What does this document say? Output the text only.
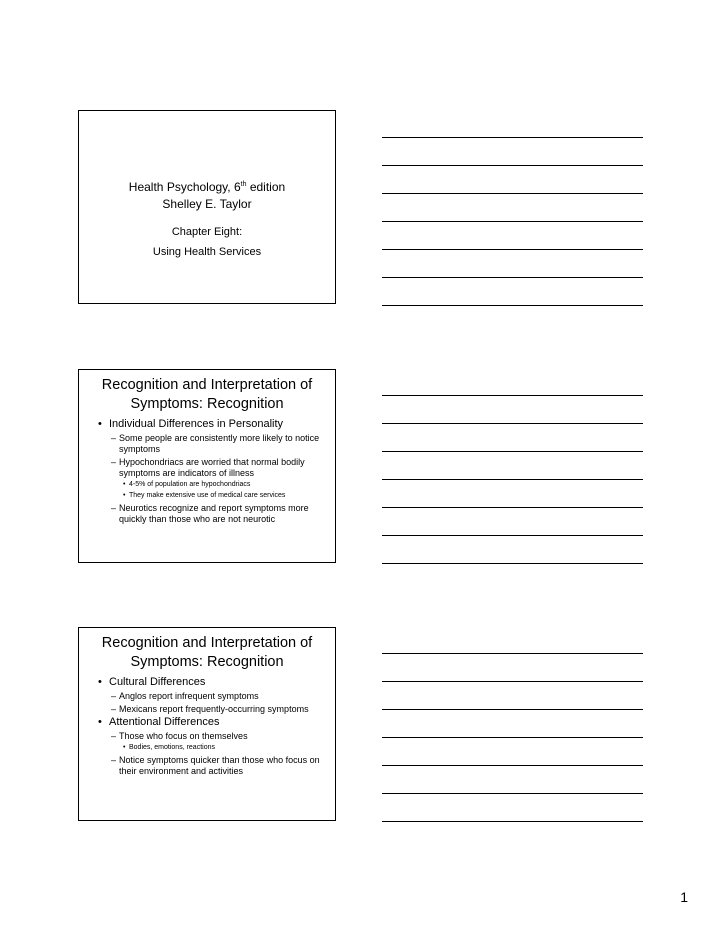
Health Psychology, 6th edition
Shelley E. Taylor
Chapter Eight:
Using Health Services
Recognition and Interpretation of Symptoms: Recognition
• Individual Differences in Personality
– Some people are consistently more likely to notice symptoms
– Hypochondriacs are worried that normal bodily symptoms are indicators of illness
• 4-5% of population are hypochondriacs
• They make extensive use of medical care services
– Neurotics recognize and report symptoms more quickly than those who are not neurotic
Recognition and Interpretation of Symptoms: Recognition
• Cultural Differences
– Anglos report infrequent symptoms
– Mexicans report frequently-occurring symptoms
• Attentional Differences
– Those who focus on themselves
• Bodies, emotions, reactions
– Notice symptoms quicker than those who focus on their environment and activities
1
